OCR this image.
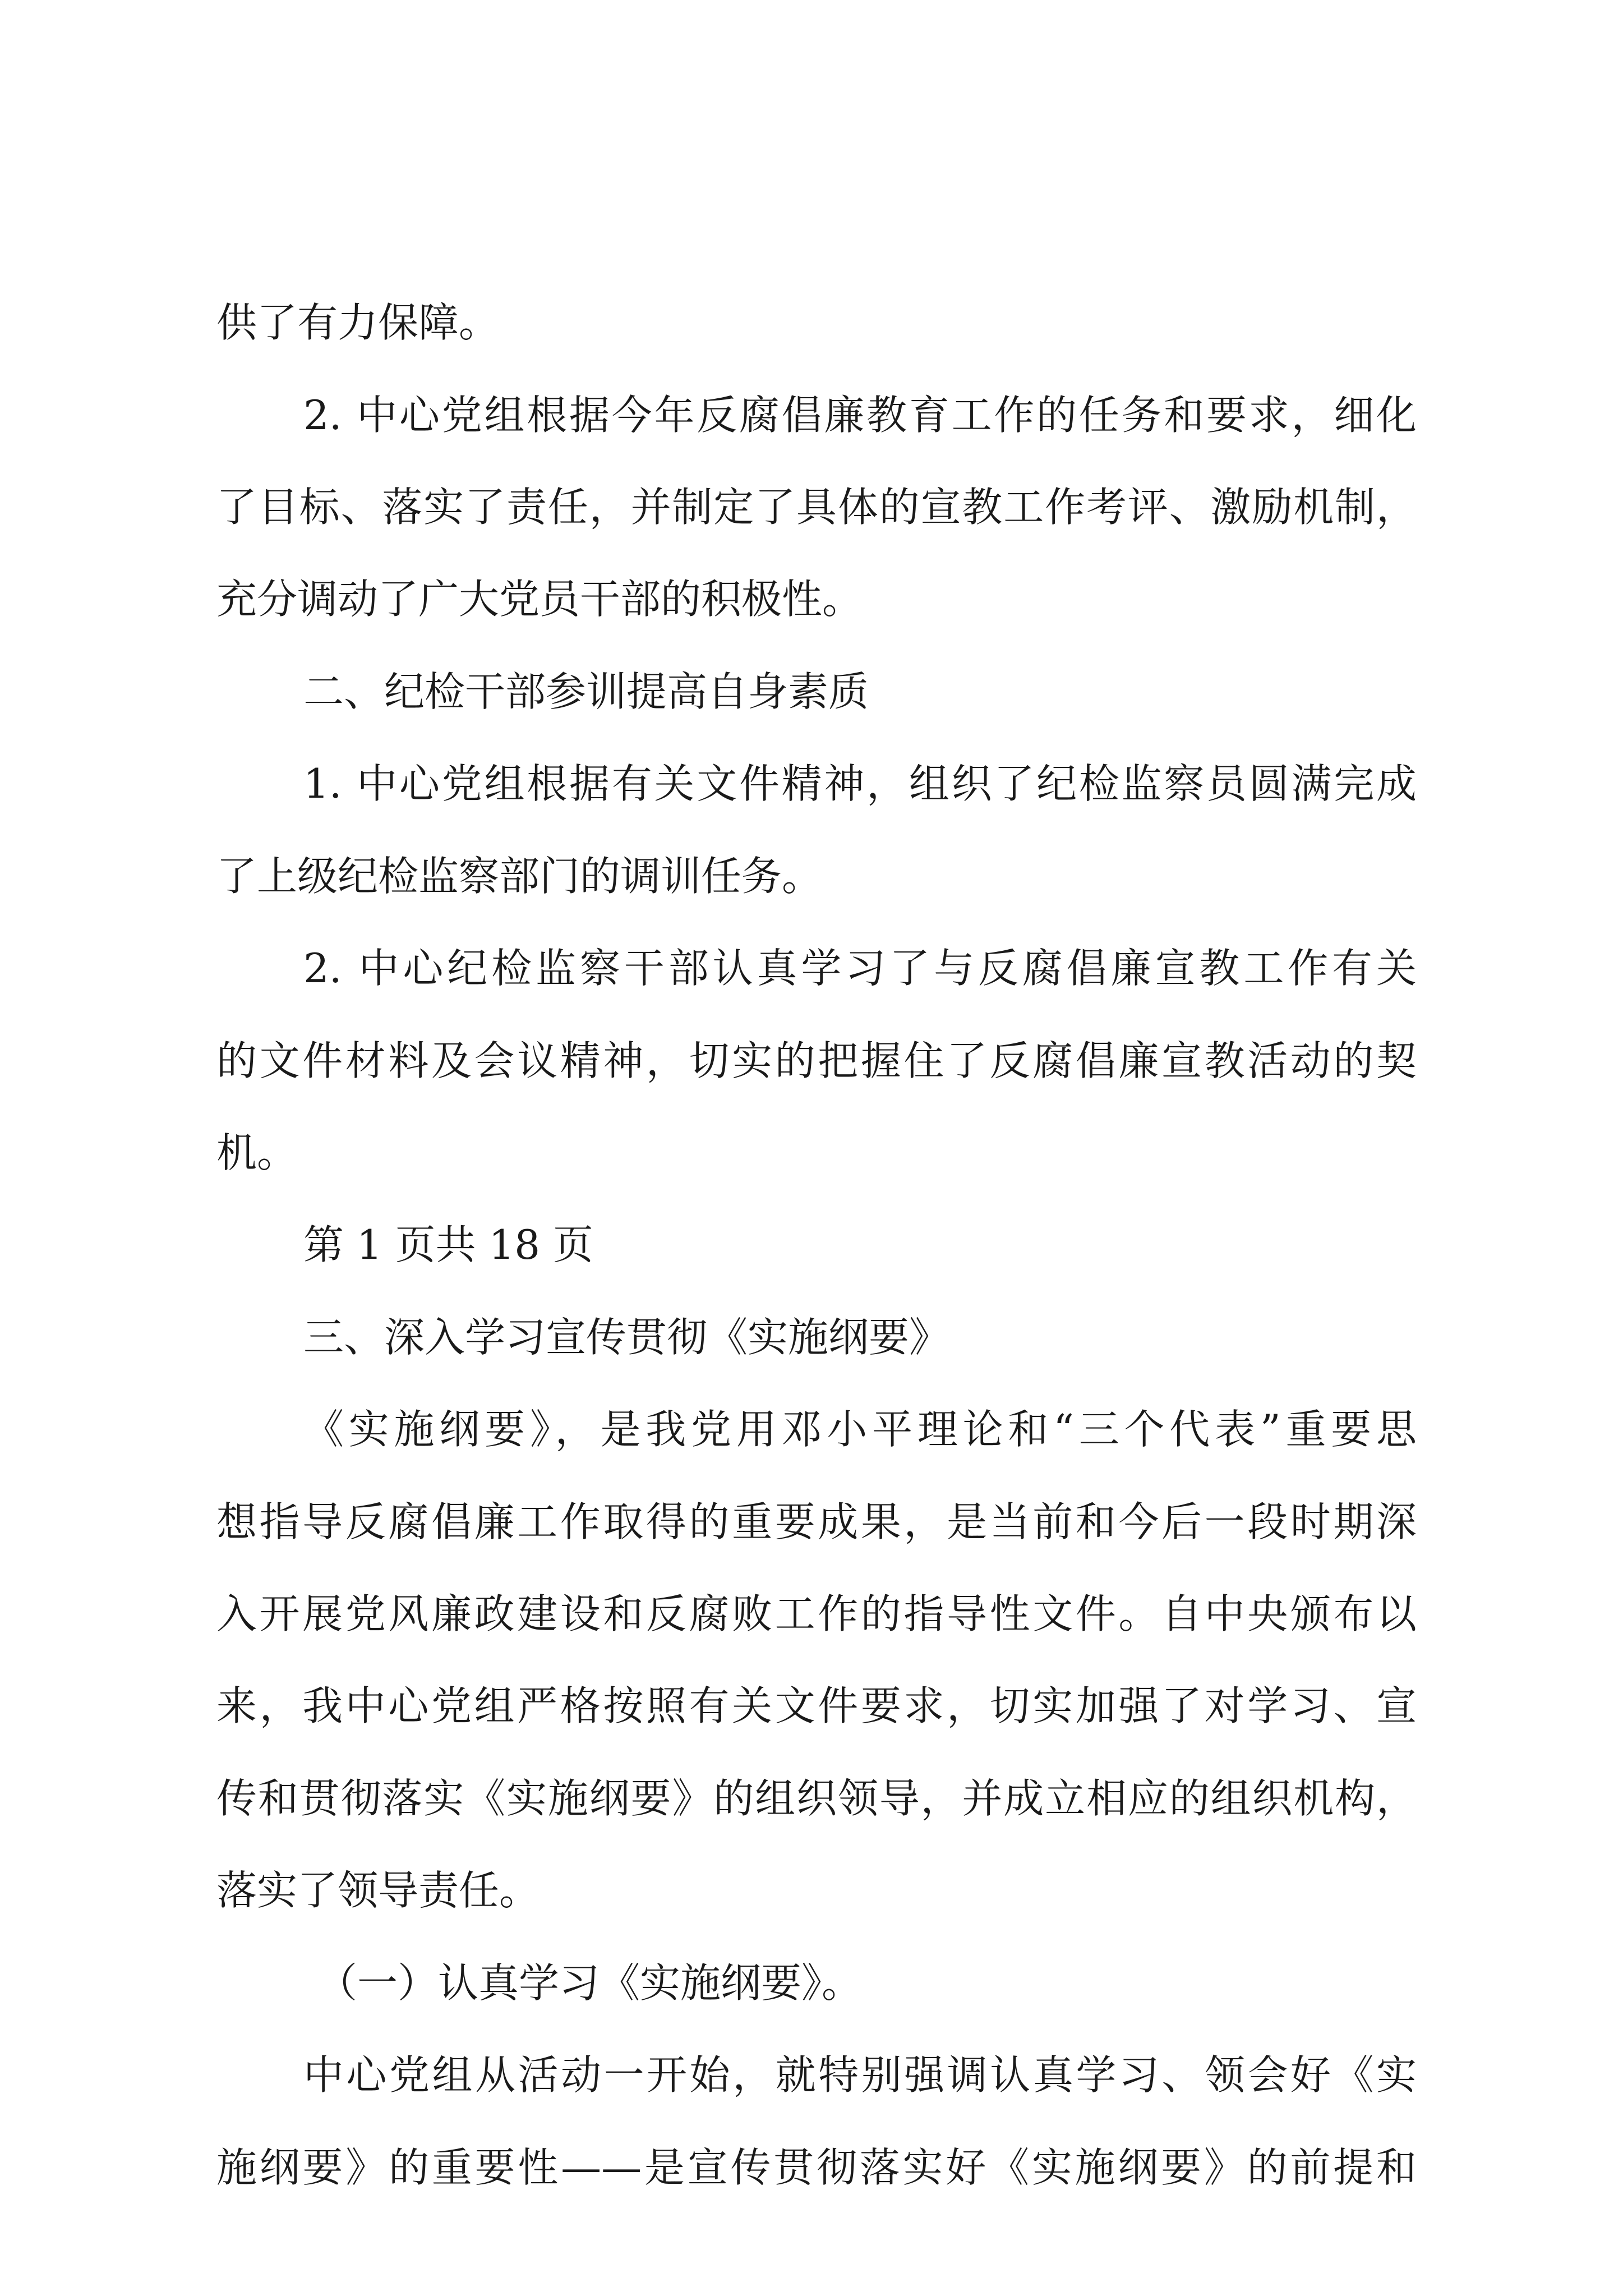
供了有力保障。
2. 中心党组根据今年反腐倡廉教育工作的任务和要求，细化
了目标、落实了责任，并制定了具体的宣教工作考评、激励机制，
充分调动了广大党员干部的积极性。
二、纪检干部参训提高自身素质
1. 中心党组根据有关文件精神，组织了纪检监察员圆满完成
了上级纪检监察部门的调训任务。
2. 中心纪检监察干部认真学习了与反腐倡廉宣教工作有关
的文件材料及会议精神，切实的把握住了反腐倡廉宣教活动的契
机。
第 1 页共 18 页
三、深入学习宣传贯彻《实施纲要》
《实施纲要》，是我党用邓小平理论和“三个代表”重要思
想指导反腐倡廉工作取得的重要成果，是当前和今后一段时期深
入开展党风廉政建设和反腐败工作的指导性文件。自中央颁布以
来，我中心党组严格按照有关文件要求，切实加强了对学习、宣
传和贯彻落实《实施纲要》的组织领导，并成立相应的组织机构，
落实了领导责任。
（一）认真学习《实施纲要》。
中心党组从活动一开始，就特别强调认真学习、领会好《实
施纲要》的重要性——是宣传贯彻落实好《实施纲要》的前提和
